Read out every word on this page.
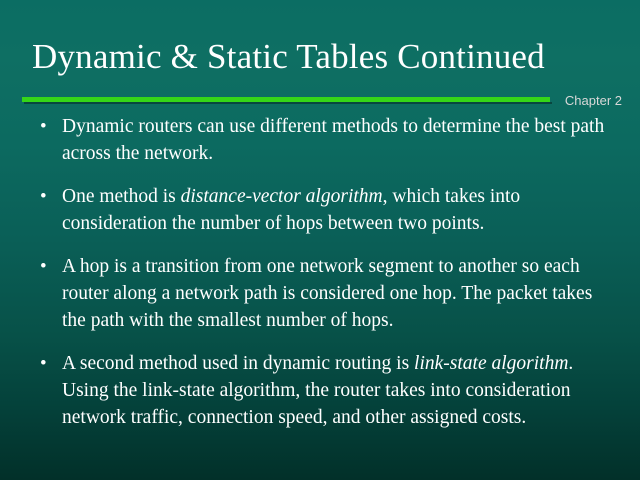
Dynamic & Static Tables Continued
Chapter 2
• Dynamic routers can use different methods to determine the best path across the network.
• One method is distance-vector algorithm, which takes into consideration the number of hops between two points.
• A hop is a transition from one network segment to another so each router along a network path is considered one hop. The packet takes the path with the smallest number of hops.
• A second method used in dynamic routing is link-state algorithm. Using the link-state algorithm, the router takes into consideration network traffic, connection speed, and other assigned costs.
